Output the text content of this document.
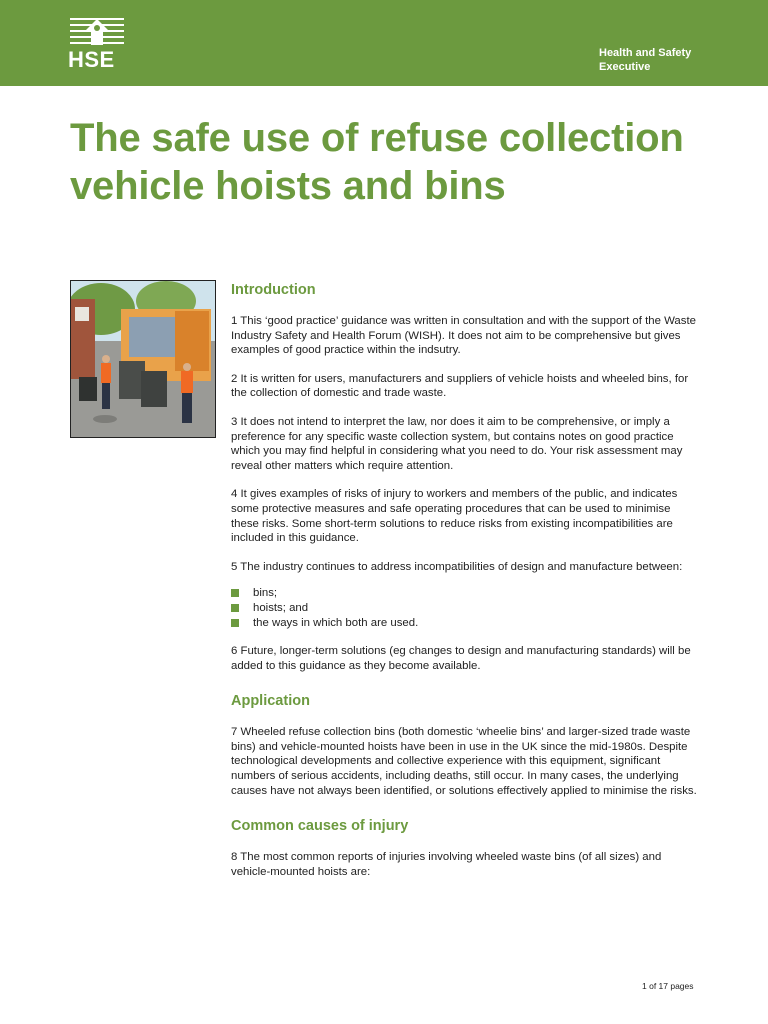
HSE	Health and Safety
Executive
The safe use of refuse collection
vehicle hoists and bins
Introduction

1 This ‘good practice’ guidance was written in consultation and with the support of the Waste Industry Safety and Health Forum (WISH). It does not aim to be comprehensive but gives examples of good practice within the indsutry.

2 It is written for users, manufacturers and suppliers of vehicle hoists and wheeled bins, for the collection of domestic and trade waste.

3 It does not intend to interpret the law, nor does it aim to be comprehensive, or imply a preference for any specific waste collection system, but contains notes on good practice which you may find helpful in considering what you need to do. Your risk assessment may reveal other matters which require attention.

4 It gives examples of risks of injury to workers and members of the public, and indicates some protective measures and safe operating procedures that can be used to minimise these risks. Some short-term solutions to reduce risks from existing incompatibilities are included in this guidance.

5 The industry continues to address incompatibilities of design and manufacture between:

bins;
hoists; and
the ways in which both are used.

6 Future, longer-term solutions (eg changes to design and manufacturing standards) will be added to this guidance as they become available.

Application

7 Wheeled refuse collection bins (both domestic ‘wheelie bins’ and larger-sized trade waste bins) and vehicle-mounted hoists have been in use in the UK since the mid-1980s. Despite technological developments and collective experience with this equipment, significant numbers of serious accidents, including deaths, still occur. In many cases, the underlying causes have not always been identified, or solutions effectively applied to minimise the risks.

Common causes of injury

8 The most common reports of injuries involving wheeled waste bins (of all sizes) and vehicle-mounted hoists are:

1 of 17 pages
